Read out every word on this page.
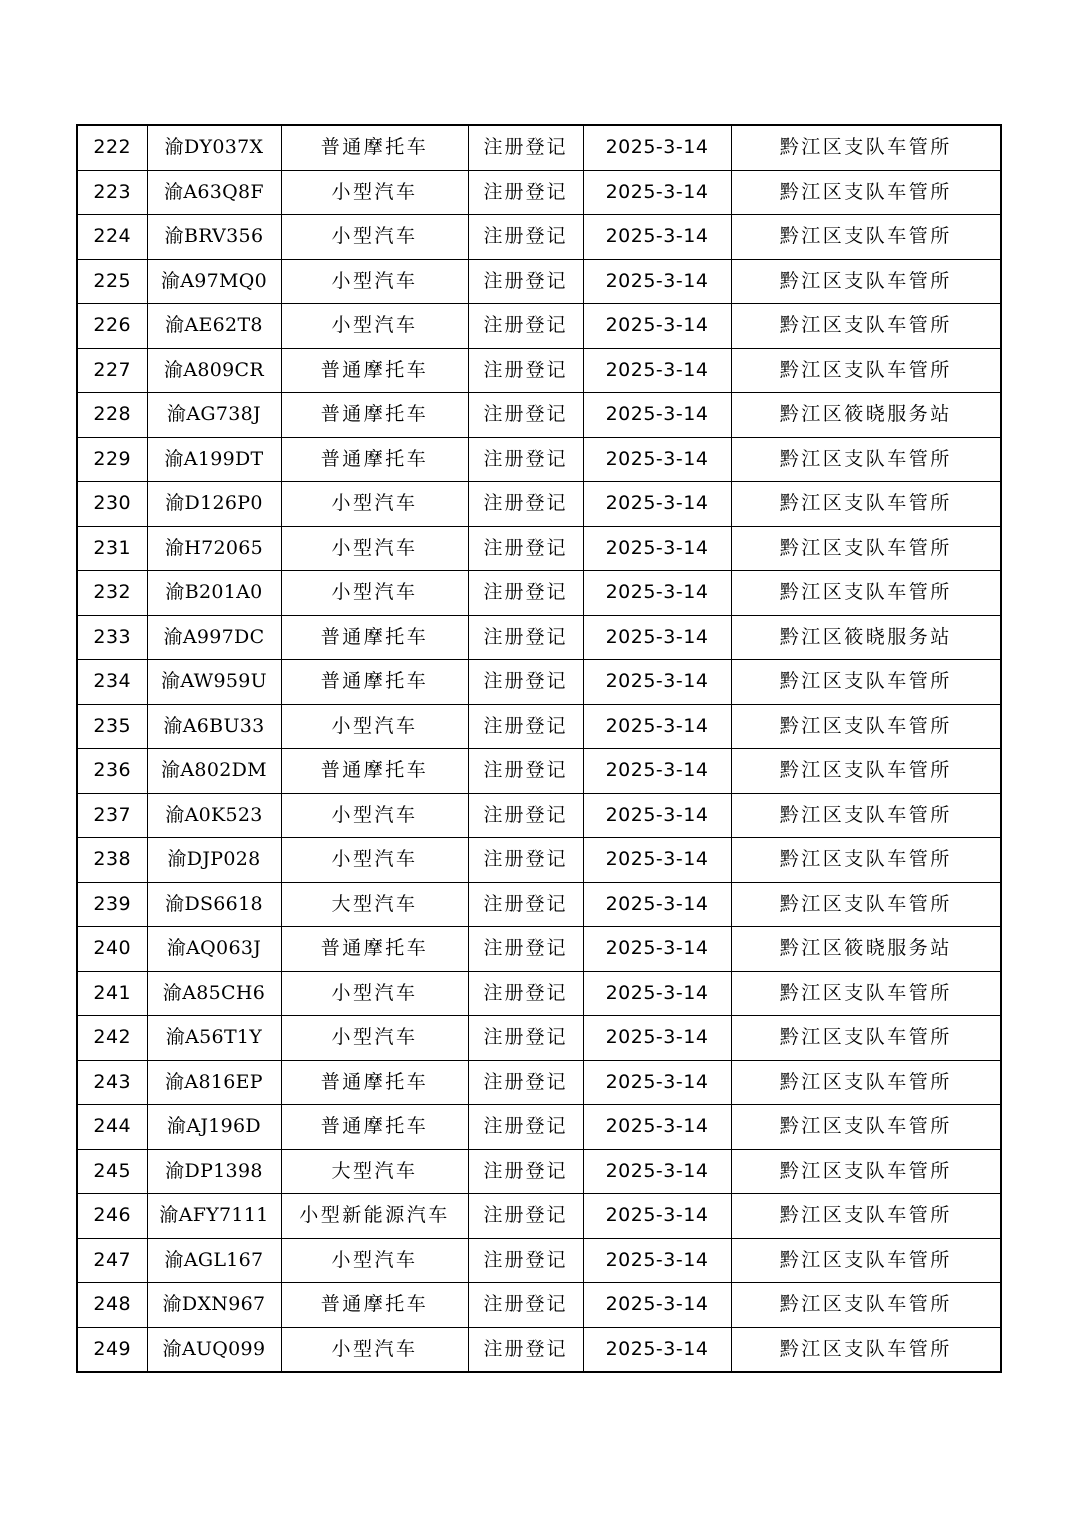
222	渝DY037X	普通摩托车	注册登记	2025-3-14	黔江区支队车管所
223	渝A63Q8F	小型汽车	注册登记	2025-3-14	黔江区支队车管所
224	渝BRV356	小型汽车	注册登记	2025-3-14	黔江区支队车管所
225	渝A97MQ0	小型汽车	注册登记	2025-3-14	黔江区支队车管所
226	渝AE62T8	小型汽车	注册登记	2025-3-14	黔江区支队车管所
227	渝A809CR	普通摩托车	注册登记	2025-3-14	黔江区支队车管所
228	渝AG738J	普通摩托车	注册登记	2025-3-14	黔江区筱晓服务站
229	渝A199DT	普通摩托车	注册登记	2025-3-14	黔江区支队车管所
230	渝D126P0	小型汽车	注册登记	2025-3-14	黔江区支队车管所
231	渝H72065	小型汽车	注册登记	2025-3-14	黔江区支队车管所
232	渝B201A0	小型汽车	注册登记	2025-3-14	黔江区支队车管所
233	渝A997DC	普通摩托车	注册登记	2025-3-14	黔江区筱晓服务站
234	渝AW959U	普通摩托车	注册登记	2025-3-14	黔江区支队车管所
235	渝A6BU33	小型汽车	注册登记	2025-3-14	黔江区支队车管所
236	渝A802DM	普通摩托车	注册登记	2025-3-14	黔江区支队车管所
237	渝A0K523	小型汽车	注册登记	2025-3-14	黔江区支队车管所
238	渝DJP028	小型汽车	注册登记	2025-3-14	黔江区支队车管所
239	渝DS6618	大型汽车	注册登记	2025-3-14	黔江区支队车管所
240	渝AQ063J	普通摩托车	注册登记	2025-3-14	黔江区筱晓服务站
241	渝A85CH6	小型汽车	注册登记	2025-3-14	黔江区支队车管所
242	渝A56T1Y	小型汽车	注册登记	2025-3-14	黔江区支队车管所
243	渝A816EP	普通摩托车	注册登记	2025-3-14	黔江区支队车管所
244	渝AJ196D	普通摩托车	注册登记	2025-3-14	黔江区支队车管所
245	渝DP1398	大型汽车	注册登记	2025-3-14	黔江区支队车管所
246	渝AFY7111	小型新能源汽车	注册登记	2025-3-14	黔江区支队车管所
247	渝AGL167	小型汽车	注册登记	2025-3-14	黔江区支队车管所
248	渝DXN967	普通摩托车	注册登记	2025-3-14	黔江区支队车管所
249	渝AUQ099	小型汽车	注册登记	2025-3-14	黔江区支队车管所
